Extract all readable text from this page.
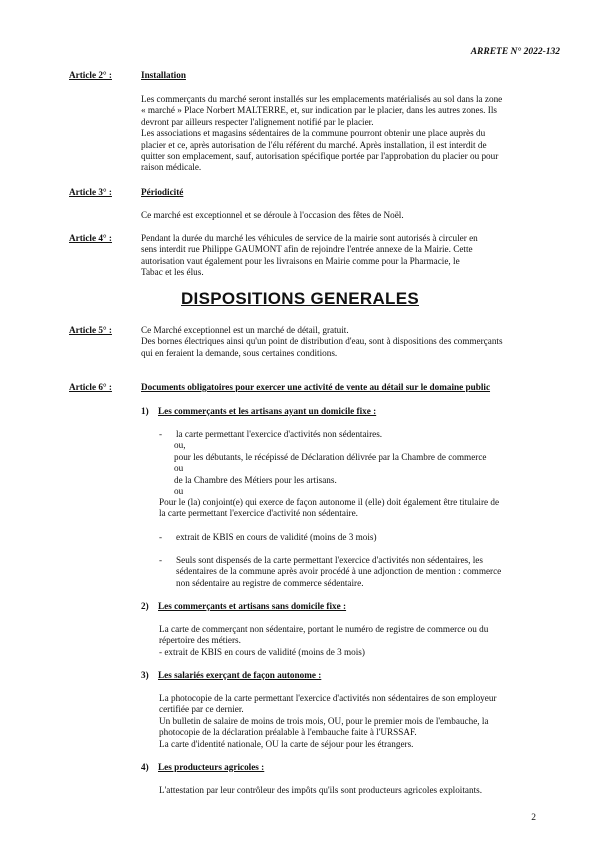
ARRETE N° 2022-132
Article 2° :	Installation
Les commerçants du marché seront installés sur les emplacements matérialisés au sol dans la zone
« marché » Place Norbert MALTERRE, et, sur indication par le placier, dans les autres zones. Ils
devront par ailleurs respecter l'alignement notifié par le placier.
Les associations et magasins sédentaires de la commune pourront obtenir une place auprès du
placier et ce, après autorisation de l'élu référent du marché. Après installation, il est interdit de
quitter son emplacement, sauf, autorisation spécifique portée par l'approbation du placier ou pour
raison médicale.
Article 3° :	Périodicité
Ce marché est exceptionnel et se déroule à l'occasion des fêtes de Noël.
Article 4° :	Pendant la durée du marché les véhicules de service de la mairie sont autorisés à circuler en
sens interdit rue Philippe GAUMONT afin de rejoindre l'entrée annexe de la Mairie. Cette
autorisation vaut également pour les livraisons en Mairie comme pour la Pharmacie, le
Tabac et les élus.
DISPOSITIONS GENERALES
Article 5° :	Ce Marché exceptionnel est un marché de détail, gratuit.
Des bornes électriques ainsi qu'un point de distribution d'eau, sont à dispositions des commerçants
qui en feraient la demande, sous certaines conditions.
Article 6° :	Documents obligatoires pour exercer une activité de vente au détail sur le domaine public
1) Les commerçants et les artisans ayant un domicile fixe :
- la carte permettant l'exercice d'activités non sédentaires.
ou,
pour les débutants, le récépissé de Déclaration délivrée par la Chambre de commerce
ou
de la Chambre des Métiers pour les artisans.
ou
Pour le (la) conjoint(e) qui exerce de façon autonome il (elle) doit également être titulaire de
la carte permettant l'exercice d'activité non sédentaire.
- extrait de KBIS en cours de validité (moins de 3 mois)
- Seuls sont dispensés de la carte permettant l'exercice d'activités non sédentaires, les
sédentaires de la commune après avoir procédé à une adjonction de mention : commerce
non sédentaire au registre de commerce sédentaire.
2) Les commerçants et artisans sans domicile fixe :
La carte de commerçant non sédentaire, portant le numéro de registre de commerce ou du
répertoire des métiers.
- extrait de KBIS en cours de validité (moins de 3 mois)
3) Les salariés exerçant de façon autonome :
La photocopie de la carte permettant l'exercice d'activités non sédentaires de son employeur
certifiée par ce dernier.
Un bulletin de salaire de moins de trois mois, OU, pour le premier mois de l'embauche, la
photocopie de la déclaration préalable à l'embauche faite à l'URSSAF.
La carte d'identité nationale, OU la carte de séjour pour les étrangers.
4) Les producteurs agricoles :
L'attestation par leur contrôleur des impôts qu'ils sont producteurs agricoles exploitants.
2
